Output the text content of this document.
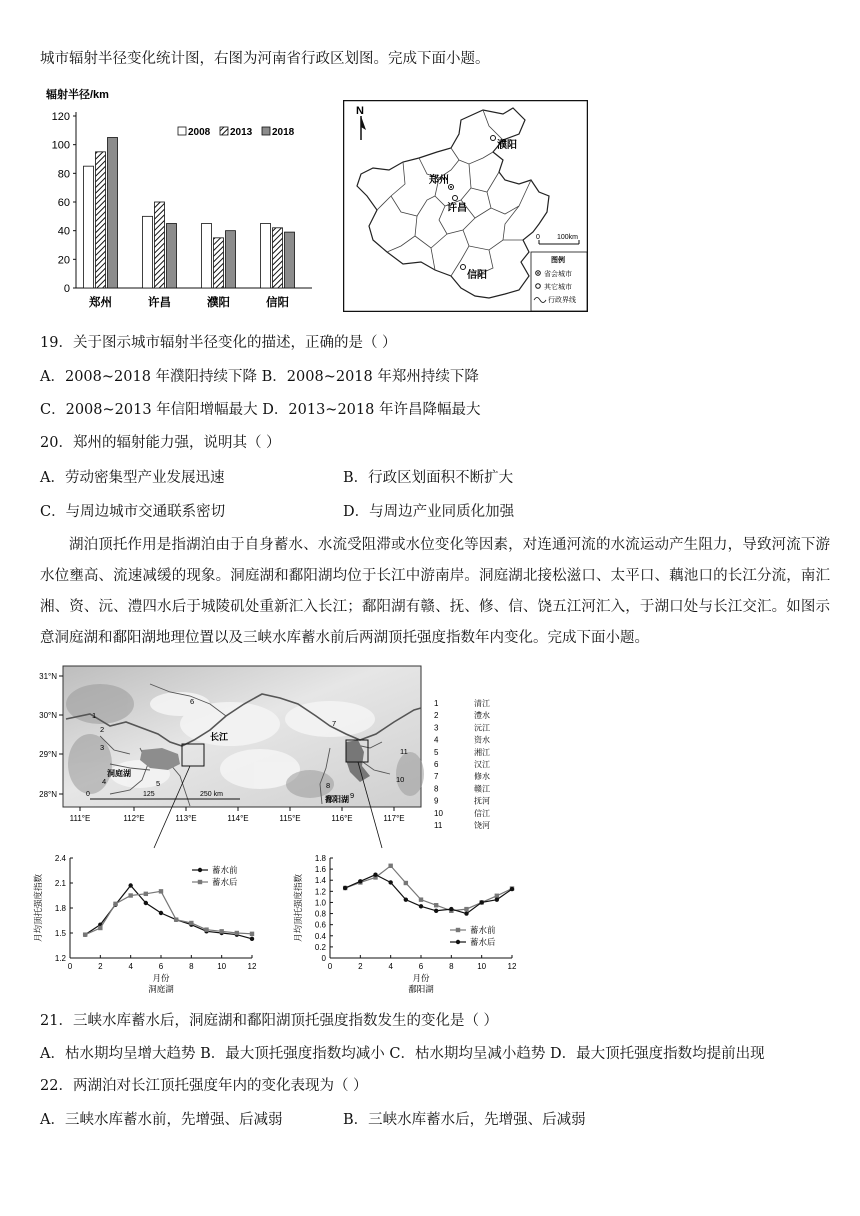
城市辐射半径变化统计图，右图为河南省行政区划图。完成下面小题。
辐射半径/km
0
20
40
60
80
100
120
郑州	许昌	濮阳	信阳
2008 2013 2018
N
濮阳
郑州
许昌
信阳
0 100km
图例
省会城市
其它城市
行政界线
19．关于图示城市辐射半径变化的描述，正确的是（ ）
A．2008~2018 年濮阳持续下降 B．2008~2018 年郑州持续下降
C．2008~2013 年信阳增幅最大 D．2013~2018 年许昌降幅最大
20．郑州的辐射能力强，说明其（ ）
A．劳动密集型产业发展迅速	B．行政区划面积不断扩大
C．与周边城市交通联系密切	D．与周边产业同质化加强
湖泊顶托作用是指湖泊由于自身蓄水、水流受阻滞或水位变化等因素，对连通河流的水流运动产生阻力，导致河流下游水位壅高、流速减缓的现象。洞庭湖和鄱阳湖均位于长江中游南岸。洞庭湖北接松滋口、太平口、藕池口的长江分流，南汇湘、资、沅、澧四水后于城陵矶处重新汇入长江；鄱阳湖有赣、抚、修、信、饶五江河汇入，于湖口处与长江交汇。如图示意洞庭湖和鄱阳湖地理位置以及三峡水库蓄水前后两湖顶托强度指数年内变化。完成下面小题。
长江
洞庭湖
鄱阳湖
31°N
30°N
29°N
28°N
111°E	112°E	113°E	114°E	115°E	116°E	117°E
0	125	250 km
1
2
3
4	5
6
7
8
9
10
11
1	清江
2	澧水
3	沅江
4	资水
5	湘江
6	汉江
7	修水
8	赣江
9	抚河
10	信江
11	饶河
1.2
1.5
1.8
2.1
2.4
0	2	4	6	8	10	12
月份
洞庭湖
月均顶托强度指数
蓄水前
蓄水后
0
0.2
0.4
0.6
0.8
1.0
1.2
1.4
1.6
1.8
0	2	4	6	8	10	12
月份
鄱阳湖
月均顶托强度指数	蓄水前
蓄水后
21．三峡水库蓄水后，洞庭湖和鄱阳湖顶托强度指数发生的变化是（ ）
A．枯水期均呈增大趋势 B．最大顶托强度指数均减小 C．枯水期均呈减小趋势 D．最大顶托强度指数均提前出现
22．两湖泊对长江顶托强度年内的变化表现为（ ）
A．三峡水库蓄水前，先增强、后减弱	B．三峡水库蓄水后，先增强、后减弱
